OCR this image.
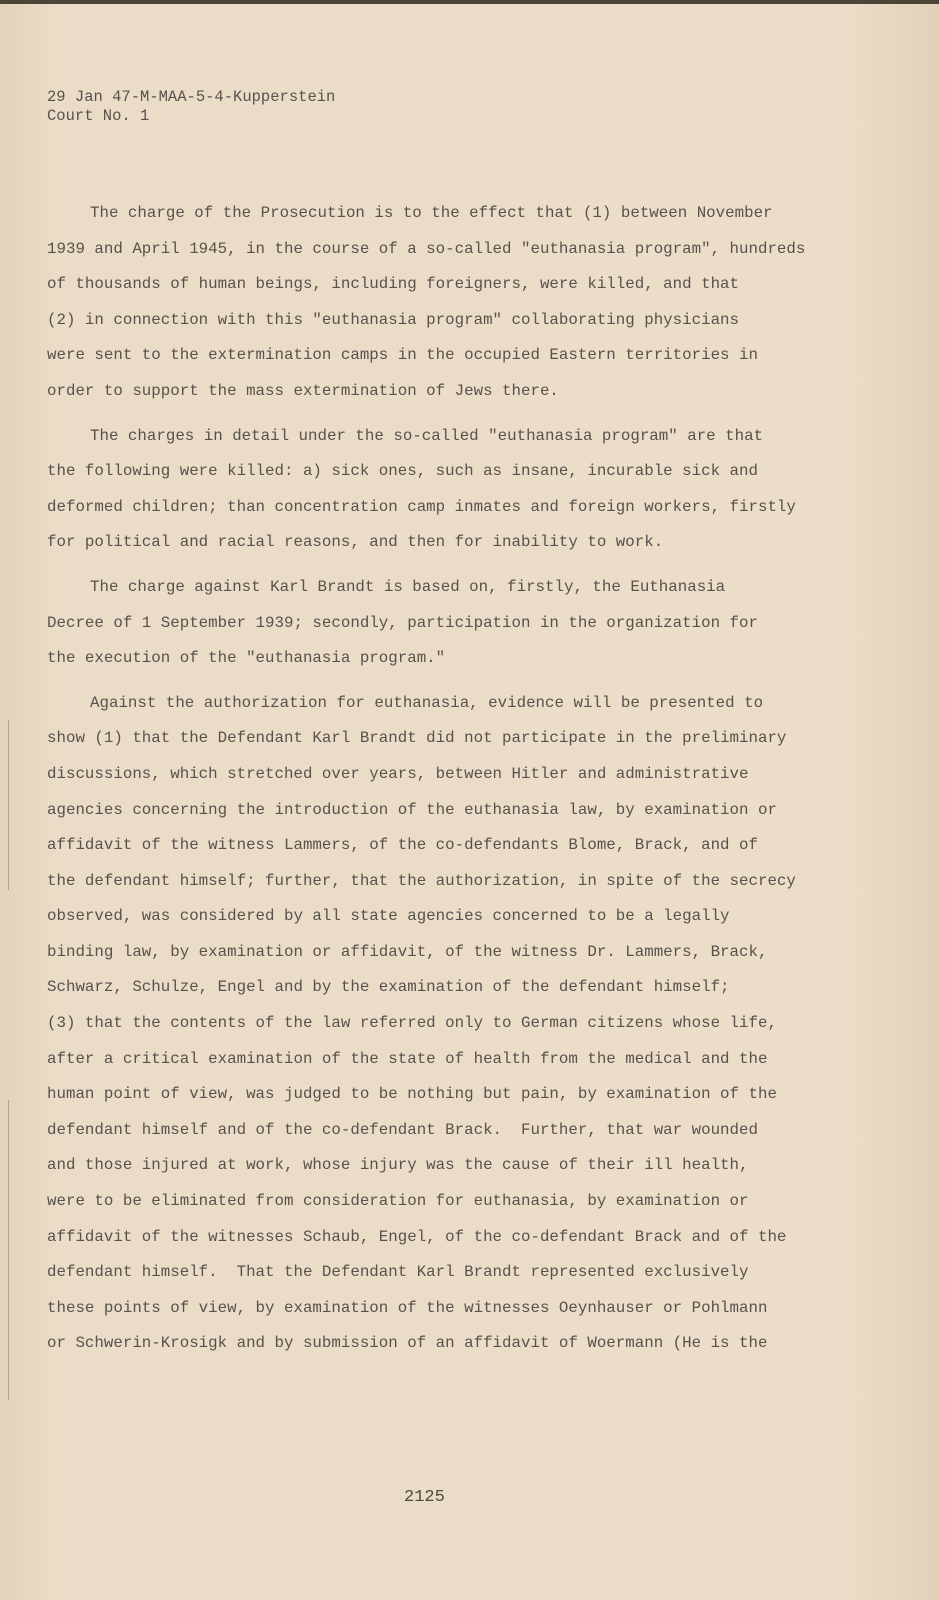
29 Jan 47-M-MAA-5-4-Kupperstein
Court No. 1
The charge of the Prosecution is to the effect that (1) between November
1939 and April 1945, in the course of a so-called "euthanasia program", hundreds
of thousands of human beings, including foreigners, were killed, and that
(2) in connection with this "euthanasia program" collaborating physicians
were sent to the extermination camps in the occupied Eastern territories in
order to support the mass extermination of Jews there.
The charges in detail under the so-called "euthanasia program" are that
the following were killed: a) sick ones, such as insane, incurable sick and
deformed children; than concentration camp inmates and foreign workers, firstly
for political and racial reasons, and then for inability to work.
The charge against Karl Brandt is based on, firstly, the Euthanasia
Decree of 1 September 1939; secondly, participation in the organization for
the execution of the "euthanasia program."
Against the authorization for euthanasia, evidence will be presented to
show (1) that the Defendant Karl Brandt did not participate in the preliminary
discussions, which stretched over years, between Hitler and administrative
agencies concerning the introduction of the euthanasia law, by examination or
affidavit of the witness Lammers, of the co-defendants Blome, Brack, and of
the defendant himself; further, that the authorization, in spite of the secrecy
observed, was considered by all state agencies concerned to be a legally
binding law, by examination or affidavit, of the witness Dr. Lammers, Brack,
Schwarz, Schulze, Engel and by the examination of the defendant himself;
(3) that the contents of the law referred only to German citizens whose life,
after a critical examination of the state of health from the medical and the
human point of view, was judged to be nothing but pain, by examination of the
defendant himself and of the co-defendant Brack.  Further, that war wounded
and those injured at work, whose injury was the cause of their ill health,
were to be eliminated from consideration for euthanasia, by examination or
affidavit of the witnesses Schaub, Engel, of the co-defendant Brack and of the
defendant himself.  That the Defendant Karl Brandt represented exclusively
these points of view, by examination of the witnesses Oeynhauser or Pohlmann
or Schwerin-Krosigk and by submission of an affidavit of Woermann (He is the
2125
